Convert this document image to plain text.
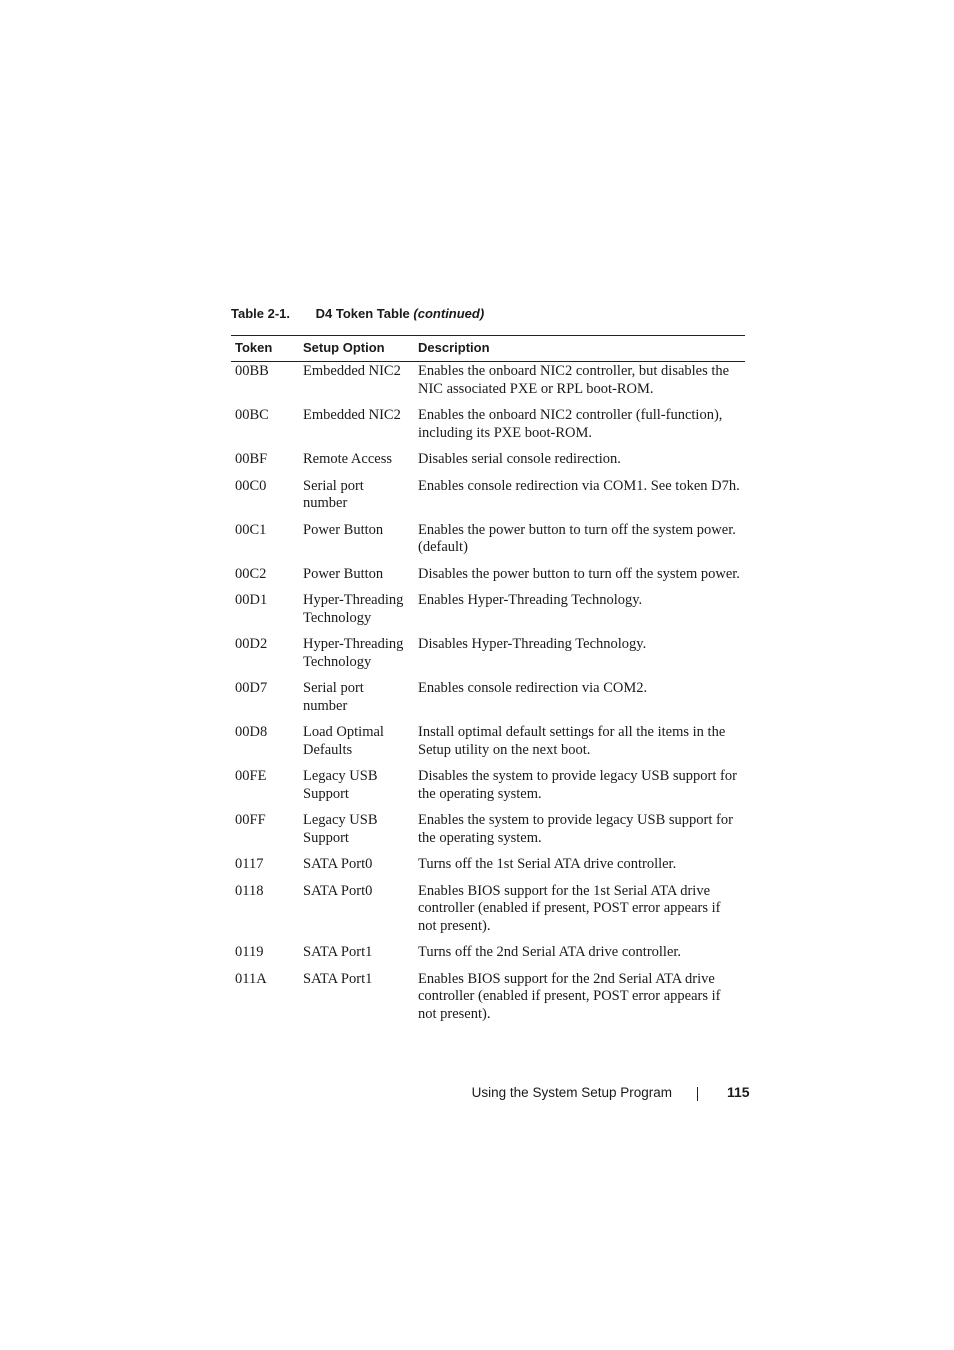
Table 2-1. D4 Token Table (continued)
Token	Setup Option	Description
00BB	Embedded NIC2	Enables the onboard NIC2 controller, but disables the NIC associated PXE or RPL boot-ROM.
00BC	Embedded NIC2	Enables the onboard NIC2 controller (full-function), including its PXE boot-ROM.
00BF	Remote Access	Disables serial console redirection.
00C0	Serial port number	Enables console redirection via COM1. See token D7h.
00C1	Power Button	Enables the power button to turn off the system power. (default)
00C2	Power Button	Disables the power button to turn off the system power.
00D1	Hyper-Threading Technology	Enables Hyper-Threading Technology.
00D2	Hyper-Threading Technology	Disables Hyper-Threading Technology.
00D7	Serial port number	Enables console redirection via COM2.
00D8	Load Optimal Defaults	Install optimal default settings for all the items in the Setup utility on the next boot.
00FE	Legacy USB Support	Disables the system to provide legacy USB support for the operating system.
00FF	Legacy USB Support	Enables the system to provide legacy USB support for the operating system.
0117	SATA Port0	Turns off the 1st Serial ATA drive controller.
0118	SATA Port0	Enables BIOS support for the 1st Serial ATA drive controller (enabled if present, POST error appears if not present).
0119	SATA Port1	Turns off the 2nd Serial ATA drive controller.
011A	SATA Port1	Enables BIOS support for the 2nd Serial ATA drive controller (enabled if present, POST error appears if not present).
Using the System Setup Program	115
